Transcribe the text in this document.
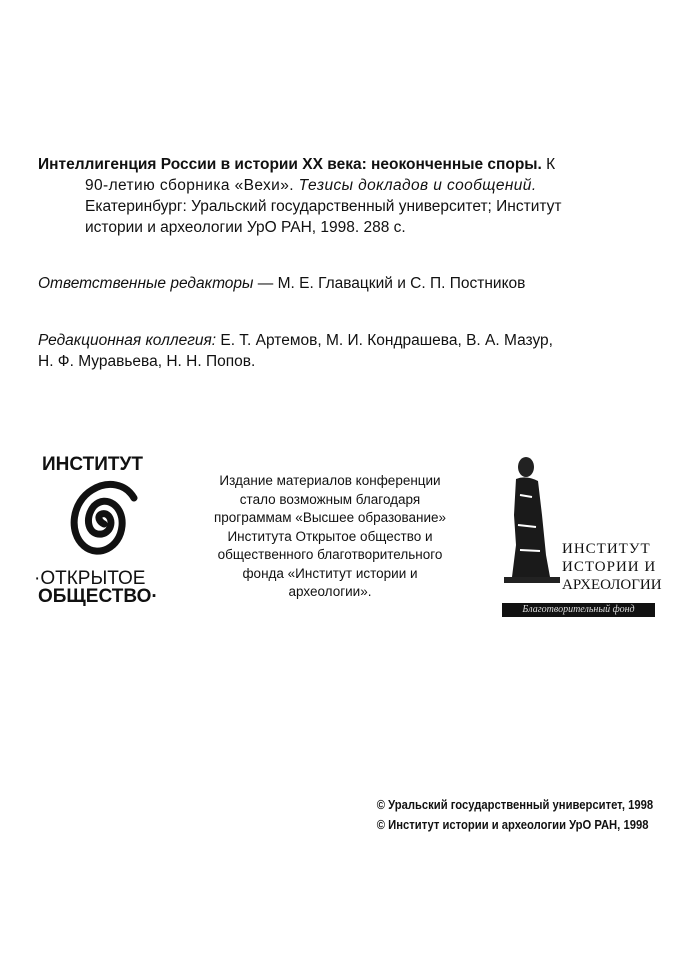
Интеллигенция России в истории XX века: неоконченные споры. К
90-летию сборника «Вехи». Тезисы докладов и сообщений.
Екатеринбург: Уральский государственный университет; Институт
истории и археологии УрО РАН, 1998. 288 с.
Ответственные редакторы — М. Е. Главацкий и С. П. Постников
Редакционная коллегия: Е. Т. Артемов, М. И. Кондрашева, В. А. Мазур,
Н. Ф. Муравьева, Н. Н. Попов.
ИНСТИТУТ
·ОТКРЫТОЕ
ОБЩЕСТВО·
Издание материалов конференции
стало возможным благодаря
программам «Высшее образование»
Института Открытое общество и
общественного благотворительного
фонда «Институт истории и
археологии».
ИНСТИТУТ
ИСТОРИИ И
АРХЕОЛОГИИ
Благотворительный фонд
© Уральский государственный университет, 1998
© Институт истории и археологии УрО РАН, 1998
